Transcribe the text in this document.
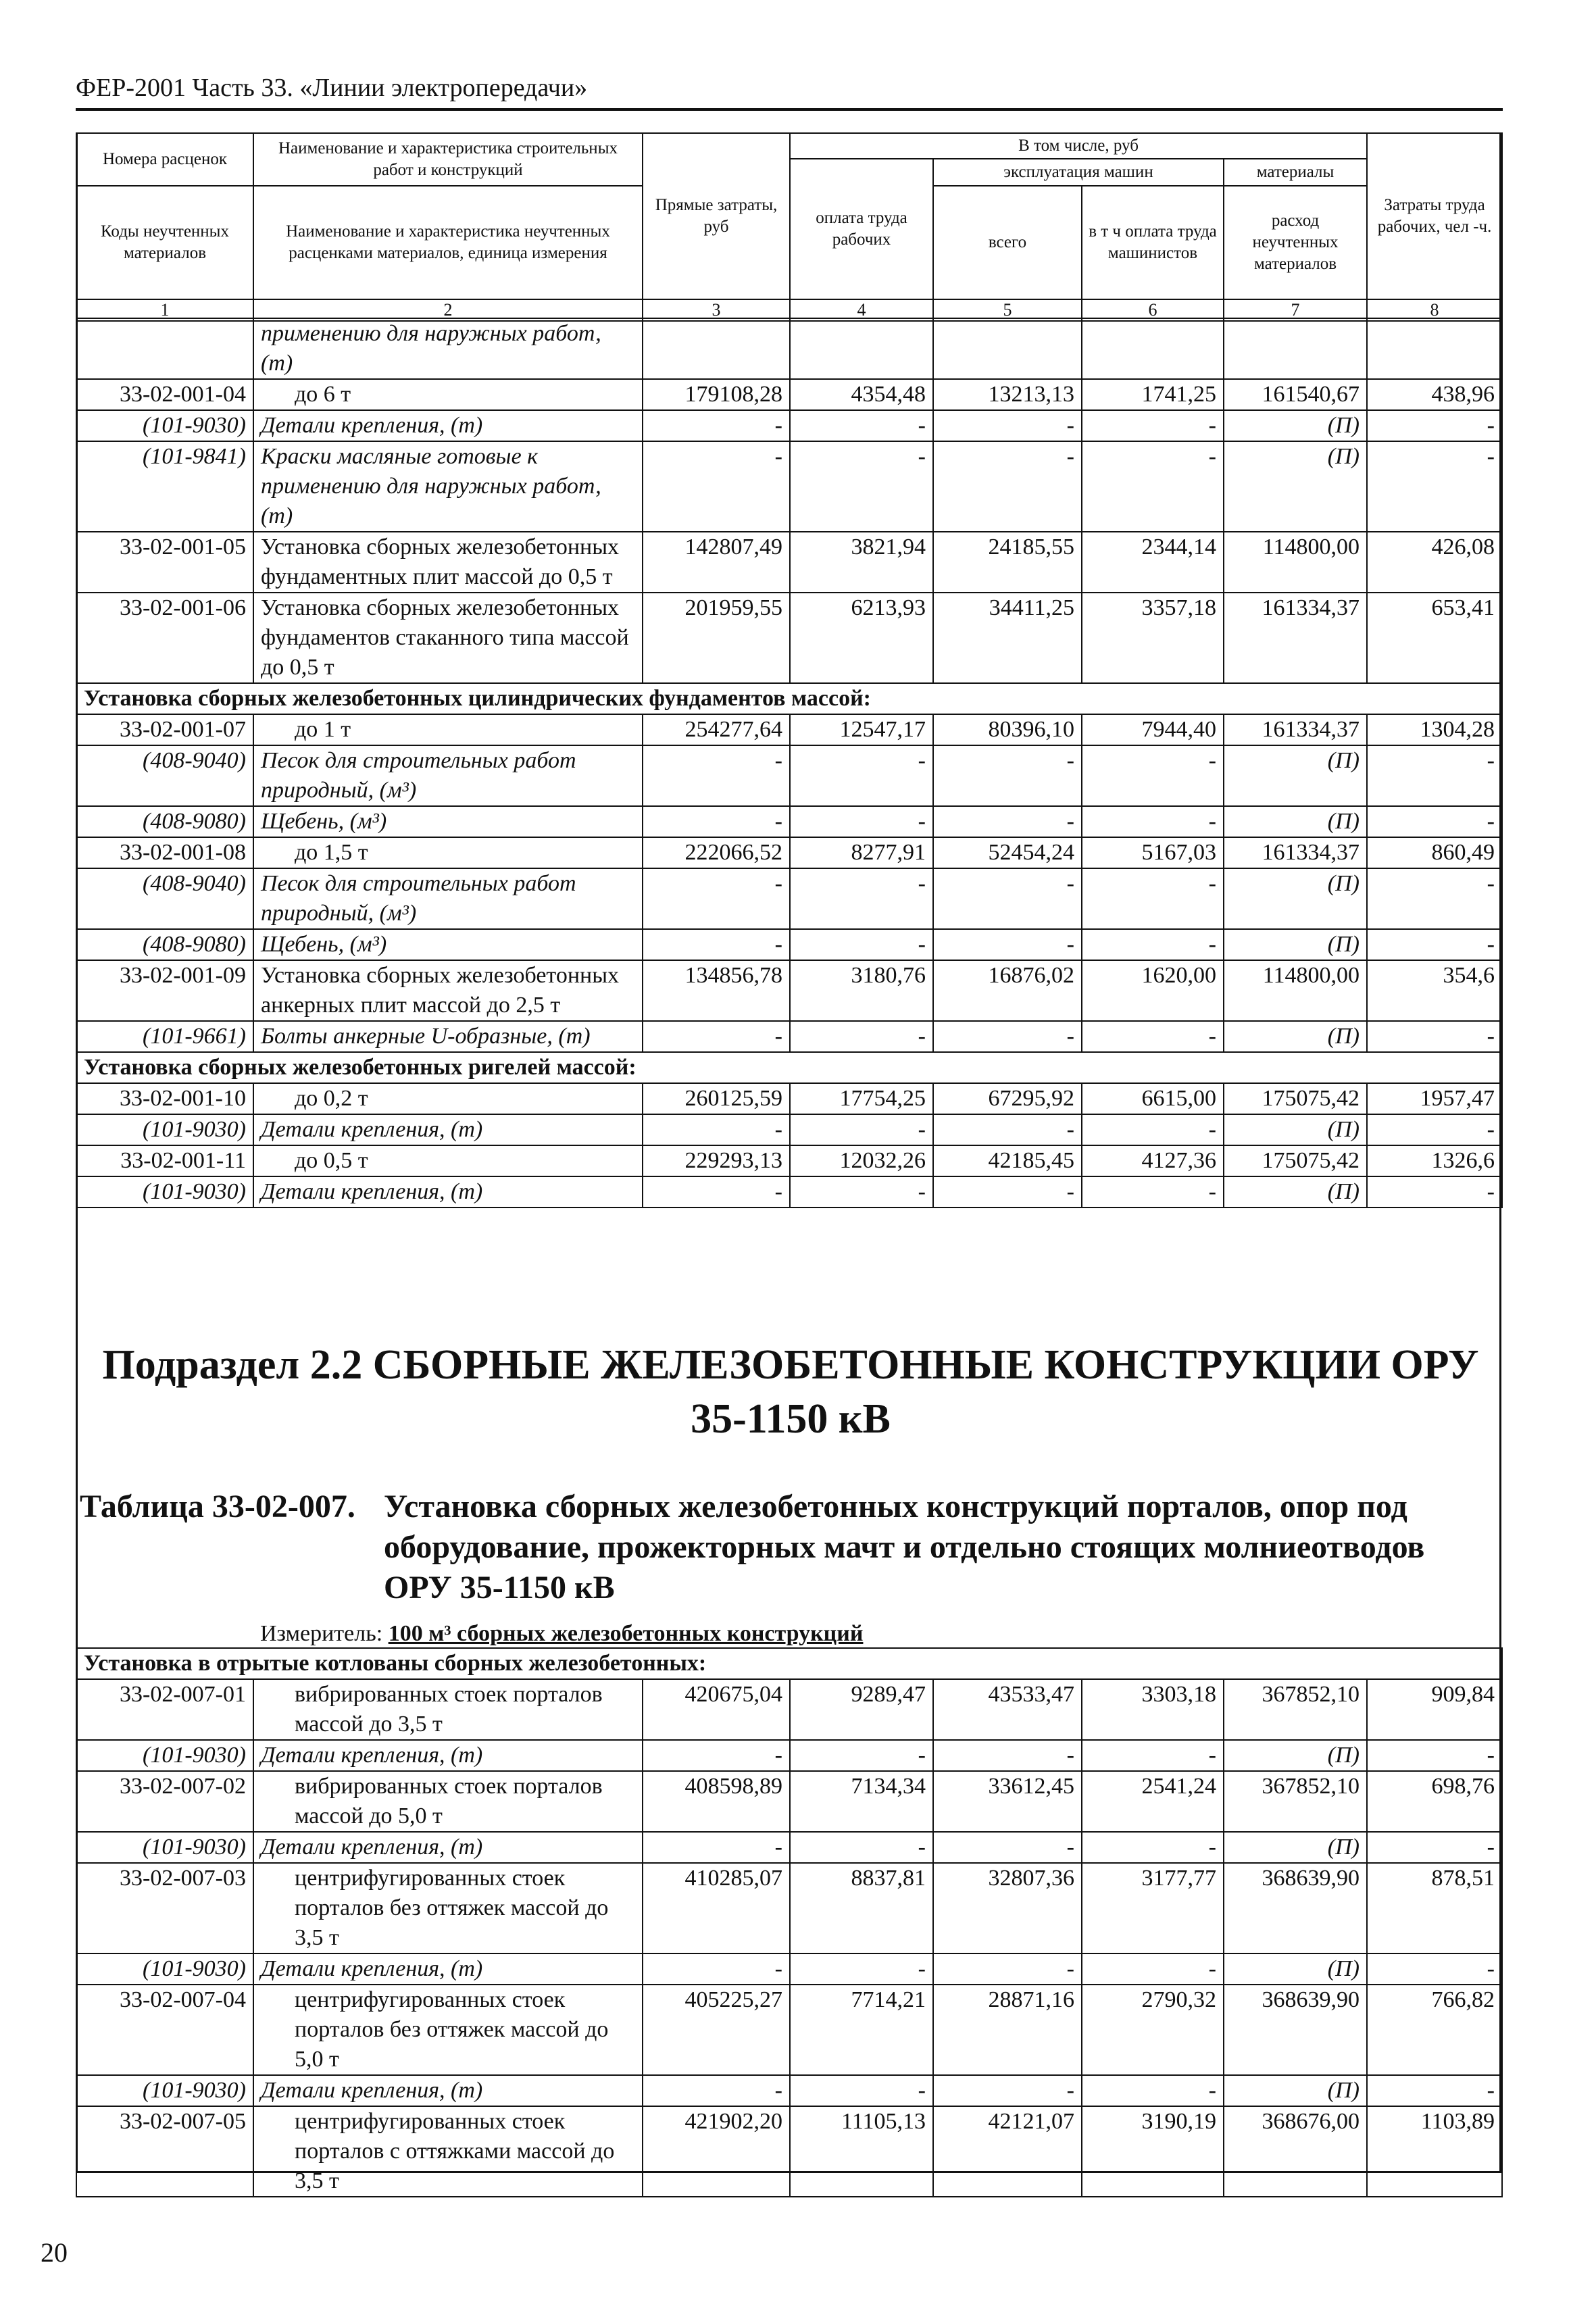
ФЕР-2001 Часть 33. «Линии электропередачи»
Номера расценок	Наименование и характеристика строительных работ и конструкций	Прямые затраты, руб	В том числе, руб				Затраты труда рабочих, чел -ч.
			оплата труда рабочих	эксплуатация машин		материалы	
Коды неучтенных материалов	Наименование и характеристика неучтенных расценками материалов, единица измерения			всего	в т ч оплата труда машинистов	расход неучтенных материалов	

1	2	3	4	5	6	7	8
	применению для наружных работ, (т)						
33-02-001-04	до 6 т	179108,28	4354,48	13213,13	1741,25	161540,67	438,96
(101-9030)	Детали крепления, (т)	-	-	-	-	(П)	-
(101-9841)	Краски масляные готовые к применению для наружных работ, (т)	-	-	-	-	(П)	-
33-02-001-05	Установка сборных железобетонных фундаментных плит массой до 0,5 т	142807,49	3821,94	24185,55	2344,14	114800,00	426,08
33-02-001-06	Установка сборных железобетонных фундаментов стаканного типа массой до 0,5 т	201959,55	6213,93	34411,25	3357,18	161334,37	653,41
Установка сборных железобетонных цилиндрических фундаментов массой:							
33-02-001-07	до 1 т	254277,64	12547,17	80396,10	7944,40	161334,37	1304,28
(408-9040)	Песок для строительных работ природный, (м³)	-	-	-	-	(П)	-
(408-9080)	Щебень, (м³)	-	-	-	-	(П)	-
33-02-001-08	до 1,5 т	222066,52	8277,91	52454,24	5167,03	161334,37	860,49
(408-9040)	Песок для строительных работ природный, (м³)	-	-	-	-	(П)	-
(408-9080)	Щебень, (м³)	-	-	-	-	(П)	-
33-02-001-09	Установка сборных железобетонных анкерных плит массой до 2,5 т	134856,78	3180,76	16876,02	1620,00	114800,00	354,6
(101-9661)	Болты анкерные U-образные, (т)	-	-	-	-	(П)	-
Установка сборных железобетонных ригелей массой:							
33-02-001-10	до 0,2 т	260125,59	17754,25	67295,92	6615,00	175075,42	1957,47
(101-9030)	Детали крепления, (т)	-	-	-	-	(П)	-
33-02-001-11	до 0,5 т	229293,13	12032,26	42185,45	4127,36	175075,42	1326,6
(101-9030)	Детали крепления, (т)	-	-	-	-	(П)	-
Подраздел 2.2 СБОРНЫЕ ЖЕЛЕЗОБЕТОННЫЕ КОНСТРУКЦИИ ОРУ 35-1150 кВ
Таблица 33-02-007. Установка сборных железобетонных конструкций порталов, опор под оборудование, прожекторных мачт и отдельно стоящих молниеотводов ОРУ 35-1150 кВ
Измеритель: 100 м³ сборных железобетонных конструкций
Установка в отрытые котлованы сборных железобетонных:							
33-02-007-01	вибрированных стоек порталов массой до 3,5 т	420675,04	9289,47	43533,47	3303,18	367852,10	909,84
(101-9030)	Детали крепления, (т)	-	-	-	-	(П)	-
33-02-007-02	вибрированных стоек порталов массой до 5,0 т	408598,89	7134,34	33612,45	2541,24	367852,10	698,76
(101-9030)	Детали крепления, (т)	-	-	-	-	(П)	-
33-02-007-03	центрифугированных стоек порталов без оттяжек массой до 3,5 т	410285,07	8837,81	32807,36	3177,77	368639,90	878,51
(101-9030)	Детали крепления, (т)	-	-	-	-	(П)	-
33-02-007-04	центрифугированных стоек порталов без оттяжек массой до 5,0 т	405225,27	7714,21	28871,16	2790,32	368639,90	766,82
(101-9030)	Детали крепления, (т)	-	-	-	-	(П)	-
33-02-007-05	центрифугированных стоек порталов с оттяжками массой до 3,5 т	421902,20	11105,13	42121,07	3190,19	368676,00	1103,89
20
